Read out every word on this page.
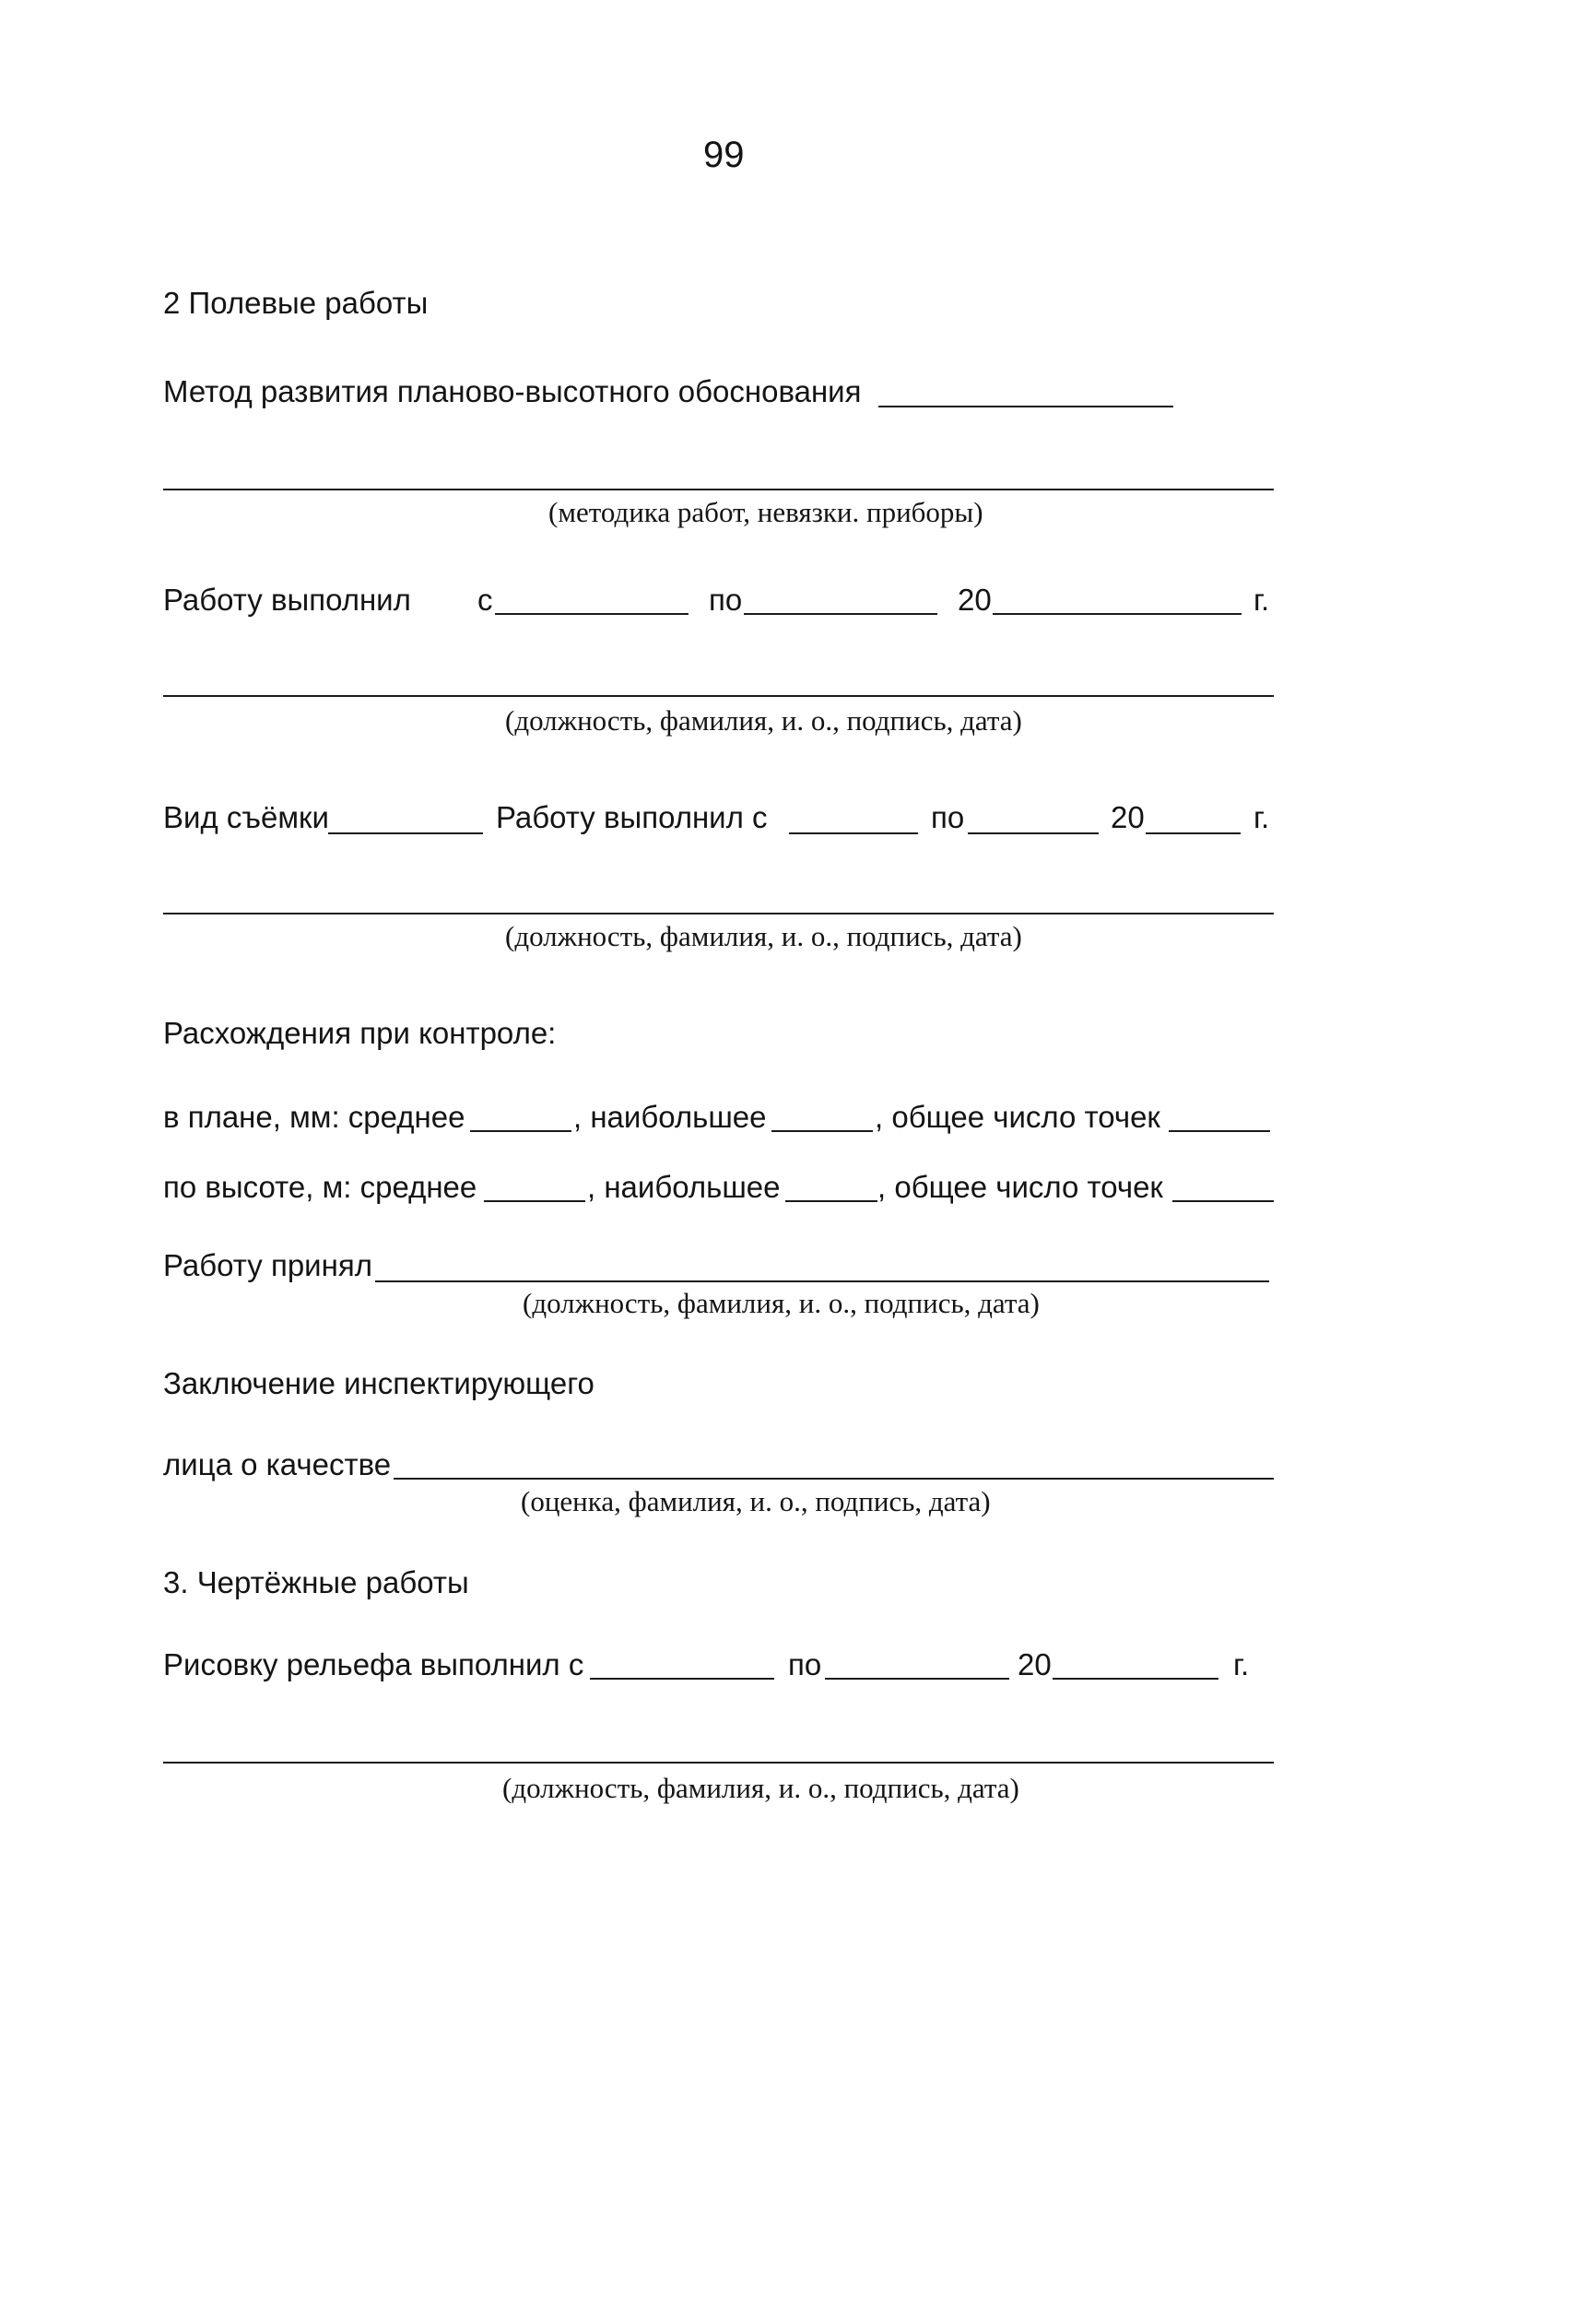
99
2 Полевые работы
Метод развития планово-высотного обоснования
(методика работ, невязки. приборы)
Работу выполнил с	по	20	г.
(должность, фамилия, и. о., подпись, дата)
Вид съёмки	Работу выполнил с	по	20	г.
(должность, фамилия, и. о., подпись, дата)
Расхождения при контроле:
в плане, мм: среднее	, наибольшее	, общее число точек
по высоте, м: среднее	, наибольшее	, общее число точек
Работу принял
(должность, фамилия, и. о., подпись, дата)
Заключение инспектирующего
лица о качестве
(оценка, фамилия, и. о., подпись, дата)
3. Чертёжные работы
Рисовку рельефа выполнил с	по	20	г.
(должность, фамилия, и. о., подпись, дата)
